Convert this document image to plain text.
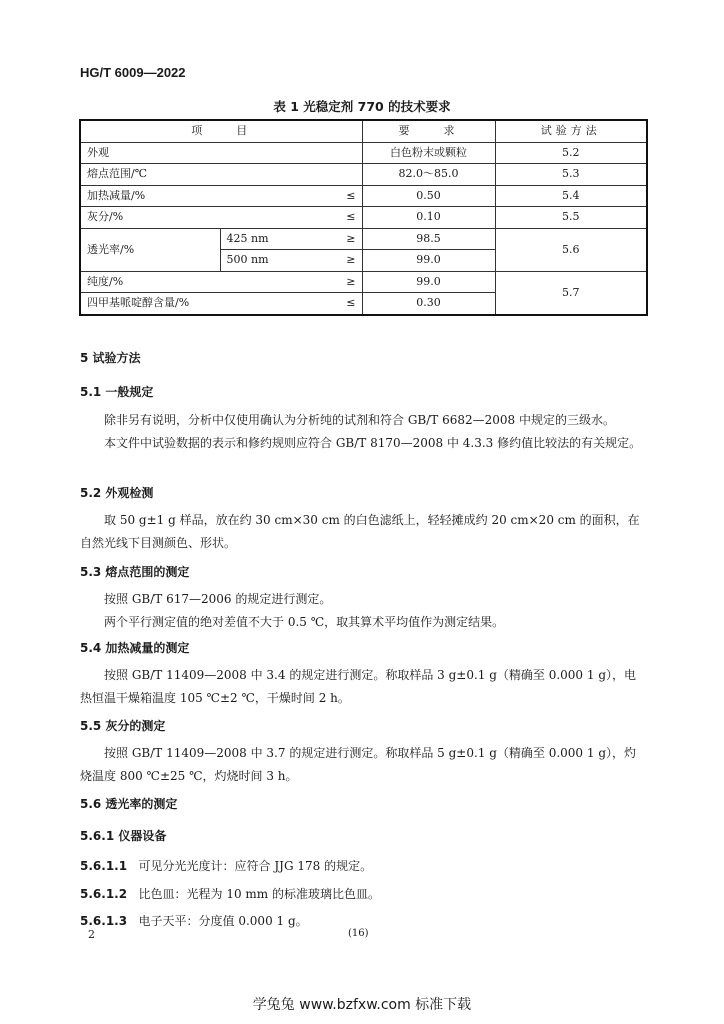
HG/T 6009—2022
表 1 光稳定剂 770 的技术要求
项　　目		要　　求	试验方法
外观		白色粉末或颗粒	5.2
熔点范围/℃		82.0～85.0	5.3
加热减量/% ≤		0.50	5.4
灰分/% ≤		0.10	5.5
透光率/%	425 nm ≥	98.5	5.6
	500 nm ≥	99.0	
纯度/% ≥		99.0	5.7
四甲基哌啶醇含量/% ≤		0.30	
5 试验方法
5.1 一般规定

除非另有说明，分析中仅使用确认为分析纯的试剂和符合 GB/T 6682—2008 中规定的三级水。

本文件中试验数据的表示和修约规则应符合 GB/T 8170—2008 中 4.3.3 修约值比较法的有关规定。

5.2 外观检测

取 50 g±1 g 样品，放在约 30 cm×30 cm 的白色滤纸上，轻轻摊成约 20 cm×20 cm 的面积，在自然光线下目测颜色、形状。

5.3 熔点范围的测定

按照 GB/T 617—2006 的规定进行测定。

两个平行测定值的绝对差值不大于 0.5 ℃，取其算术平均值作为测定结果。

5.4 加热减量的测定

按照 GB/T 11409—2008 中 3.4 的规定进行测定。称取样品 3 g±0.1 g（精确至 0.000 1 g），电热恒温干燥箱温度 105 ℃±2 ℃，干燥时间 2 h。

5.5 灰分的测定

按照 GB/T 11409—2008 中 3.7 的规定进行测定。称取样品 5 g±0.1 g（精确至 0.000 1 g），灼烧温度 800 ℃±25 ℃，灼烧时间 3 h。

5.6 透光率的测定
5.6.1 仪器设备
5.6.1.1 可见分光光度计：应符合 JJG 178 的规定。
5.6.1.2 比色皿：光程为 10 mm 的标准玻璃比色皿。
5.6.1.3 电子天平：分度值 0.000 1 g。
2	(16)
学兔兔 www.bzfxw.com 标准下载
